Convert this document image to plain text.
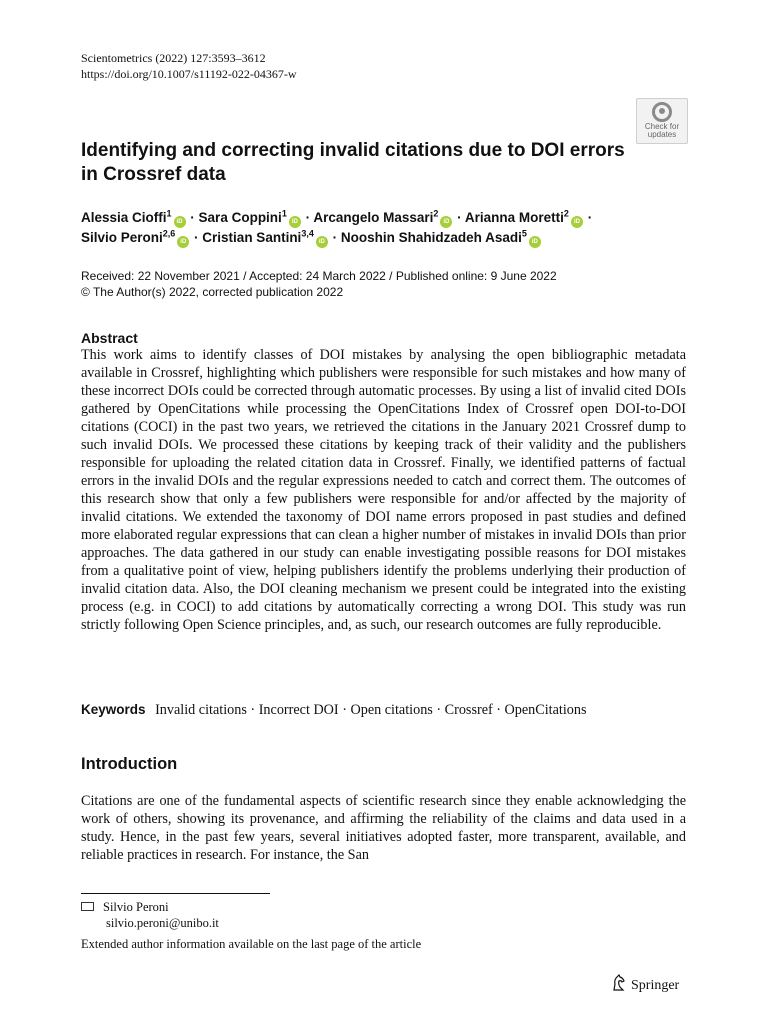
Scientometrics (2022) 127:3593–3612
https://doi.org/10.1007/s11192-022-04367-w
Check for
updates
Identifying and correcting invalid citations due to DOI errors in Crossref data
Alessia Cioffi$^1$iD · Sara Coppini$^1$iD · Arcangelo Massari$^2$iD · Arianna Moretti$^2$iD ·
Silvio Peroni$^{2,6}$iD · Cristian Santini$^{3,4}$iD · Nooshin Shahidzadeh Asadi$^5$iD
Received: 22 November 2021 / Accepted: 24 March 2022 / Published online: 9 June 2022
© The Author(s) 2022, corrected publication 2022
Abstract
This work aims to identify classes of DOI mistakes by analysing the open bibliographic metadata available in Crossref, highlighting which publishers were responsible for such mistakes and how many of these incorrect DOIs could be corrected through automatic processes. By using a list of invalid cited DOIs gathered by OpenCitations while processing the OpenCitations Index of Crossref open DOI-to-DOI citations (COCI) in the past two years, we retrieved the citations in the January 2021 Crossref dump to such invalid DOIs. We processed these citations by keeping track of their validity and the publishers responsible for uploading the related citation data in Crossref. Finally, we identified patterns of factual errors in the invalid DOIs and the regular expressions needed to catch and correct them. The outcomes of this research show that only a few publishers were responsible for and/or affected by the majority of invalid citations. We extended the taxonomy of DOI name errors proposed in past studies and defined more elaborated regular expressions that can clean a higher number of mistakes in invalid DOIs than prior approaches. The data gathered in our study can enable investigating possible reasons for DOI mistakes from a qualitative point of view, helping publishers identify the problems underlying their production of invalid citation data. Also, the DOI cleaning mechanism we present could be integrated into the existing process (e.g. in COCI) to add citations by automatically correcting a wrong DOI. This study was run strictly following Open Science principles, and, as such, our research outcomes are fully reproducible.
Keywords Invalid citations · Incorrect DOI · Open citations · Crossref · OpenCitations
Introduction
Citations are one of the fundamental aspects of scientific research since they enable acknowledging the work of others, showing its provenance, and affirming the reliability of the claims and data used in a study. Hence, in the past few years, several initiatives adopted faster, more transparent, available, and reliable practices in research. For instance, the San
Silvio Peroni
silvio.peroni@unibo.it
Extended author information available on the last page of the article
Springer
